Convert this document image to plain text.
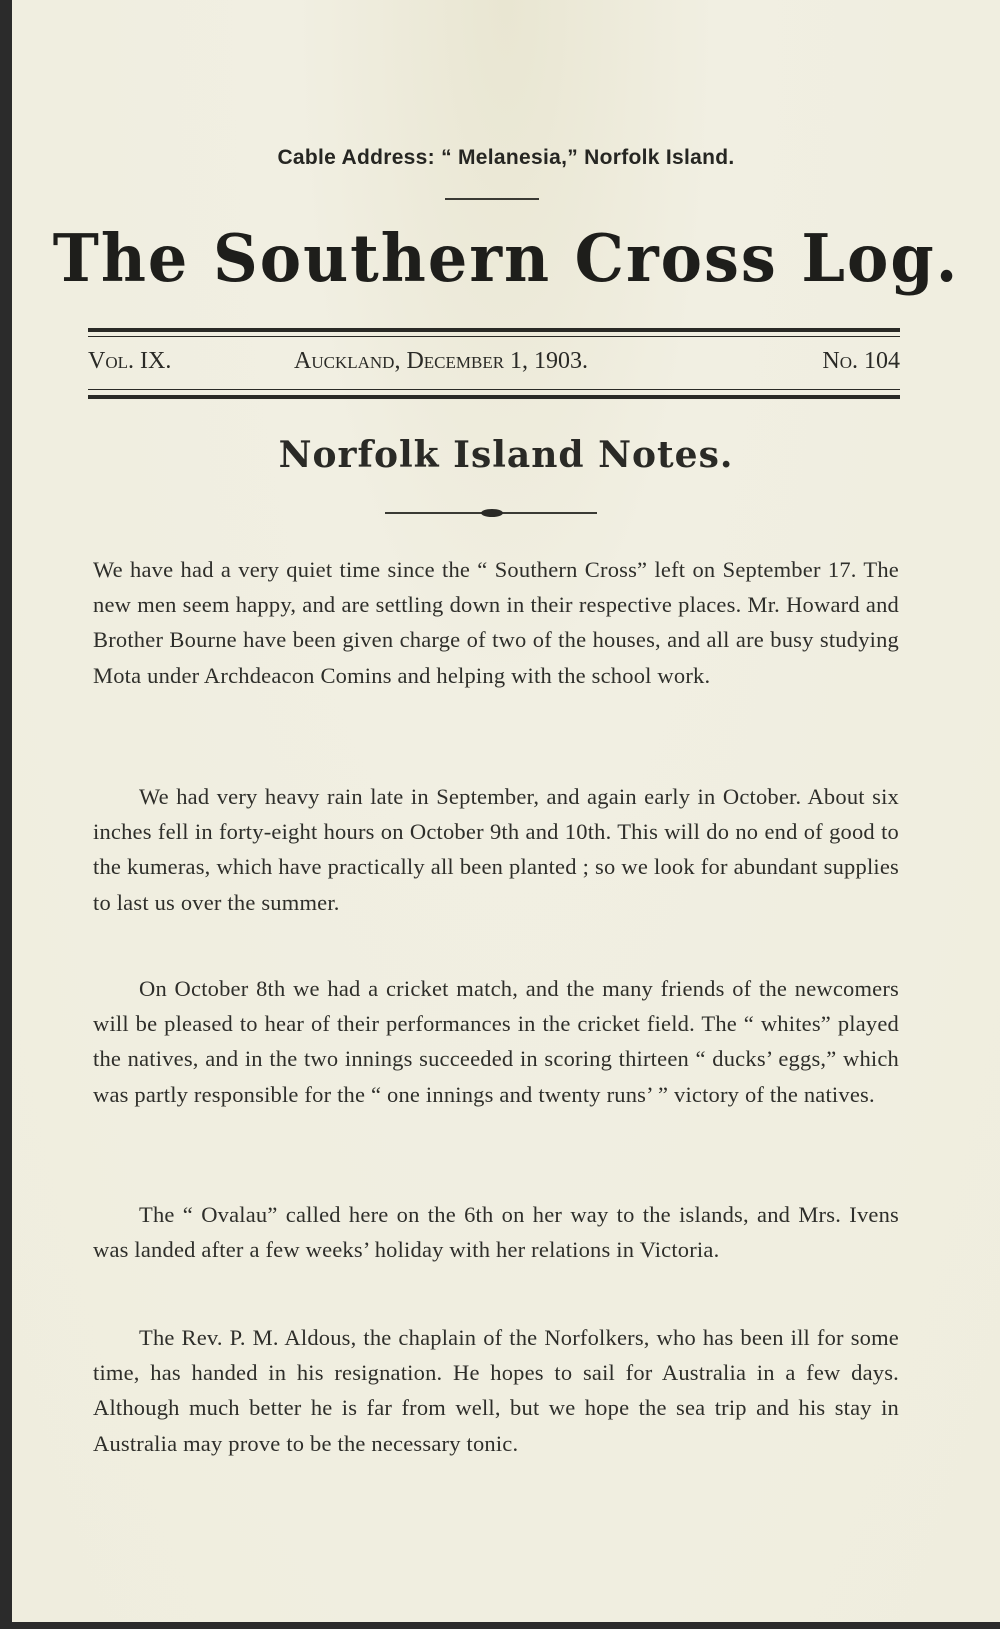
Cable Address: “ Melanesia,” Norfolk Island.
The Southern Cross Log.
Vol. IX.	Auckland, December 1, 1903.	No. 104
Norfolk Island Notes.

We have had a very quiet time since the “ Southern Cross” left on September 17. The new men seem happy, and are settling down in their respective places. Mr. Howard and Brother Bourne have been given charge of two of the houses, and all are busy studying Mota under Archdeacon Comins and helping with the school work.

We had very heavy rain late in September, and again early in October. About six inches fell in forty-eight hours on October 9th and 10th. This will do no end of good to the kumeras, which have practically all been planted ; so we look for abundant supplies to last us over the summer.

On October 8th we had a cricket match, and the many friends of the newcomers will be pleased to hear of their performances in the cricket field. The “ whites” played the natives, and in the two innings succeeded in scoring thirteen “ ducks’ eggs,” which was partly responsible for the “ one innings and twenty runs’ ” victory of the natives.

The “ Ovalau” called here on the 6th on her way to the islands, and Mrs. Ivens was landed after a few weeks’ holiday with her relations in Victoria.

The Rev. P. M. Aldous, the chaplain of the Norfolkers, who has been ill for some time, has handed in his resignation. He hopes to sail for Australia in a few days. Although much better he is far from well, but we hope the sea trip and his stay in Australia may prove to be the necessary tonic.
